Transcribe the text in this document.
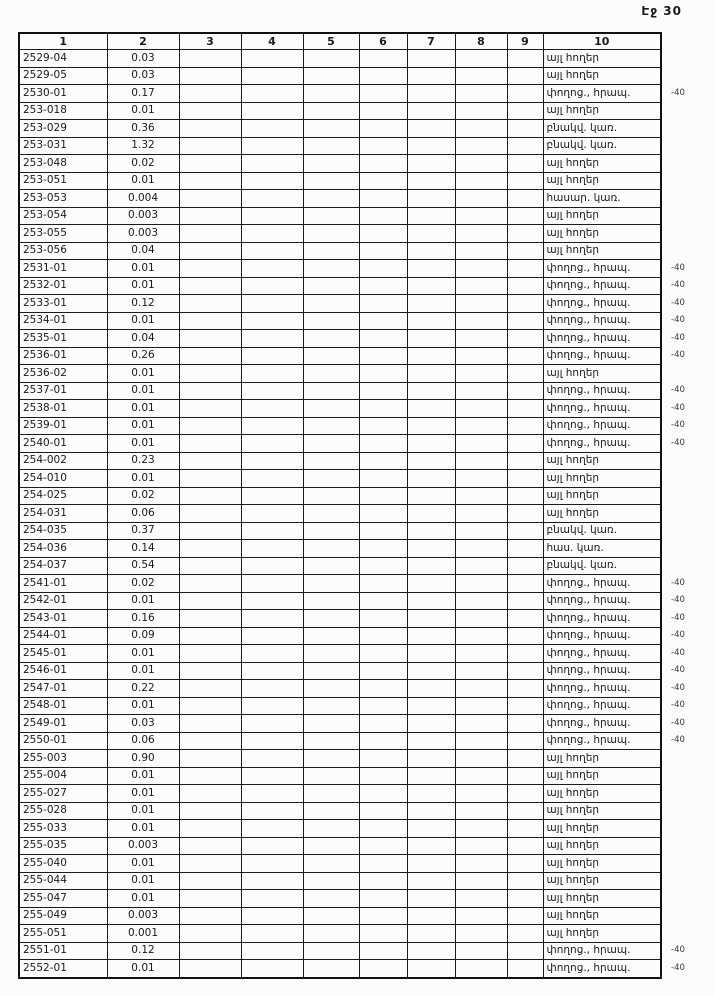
Էջ 30
1	2	3	4	5	6	7	8	9	10	
2529-04	0.03								այլ հողեր	
2529-05	0.03								այլ հողեր	
2530-01	0.17								փողոց., հրապ.	-40
253-018	0.01								այլ հողեր	
253-029	0.36								բնակվ. կառ.	
253-031	1.32								բնակվ. կառ.	
253-048	0.02								այլ հողեր	
253-051	0.01								այլ հողեր	
253-053	0.004								հասար. կառ.	
253-054	0.003								այլ հողեր	
253-055	0.003								այլ հողեր	
253-056	0.04								այլ հողեր	
2531-01	0.01								փողոց., հրապ.	-40
2532-01	0.01								փողոց., հրապ.	-40
2533-01	0.12								փողոց., հրապ.	-40
2534-01	0.01								փողոց., հրապ.	-40
2535-01	0.04								փողոց., հրապ.	-40
2536-01	0.26								փողոց., հրապ.	-40
2536-02	0.01								այլ հողեր	
2537-01	0.01								փողոց., հրապ.	-40
2538-01	0.01								փողոց., հրապ.	-40
2539-01	0.01								փողոց., հրապ.	-40
2540-01	0.01								փողոց., հրապ.	-40
254-002	0.23								այլ հողեր	
254-010	0.01								այլ հողեր	
254-025	0.02								այլ հողեր	
254-031	0.06								այլ հողեր	
254-035	0.37								բնակվ. կառ.	
254-036	0.14								հաս. կառ.	
254-037	0.54								բնակվ. կառ.	
2541-01	0.02								փողոց., հրապ.	-40
2542-01	0.01								փողոց., հրապ.	-40
2543-01	0.16								փողոց., հրապ.	-40
2544-01	0.09								փողոց., հրապ.	-40
2545-01	0.01								փողոց., հրապ.	-40
2546-01	0.01								փողոց., հրապ.	-40
2547-01	0.22								փողոց., հրապ.	-40
2548-01	0.01								փողոց., հրապ.	-40
2549-01	0.03								փողոց., հրապ.	-40
2550-01	0.06								փողոց., հրապ.	-40
255-003	0.90								այլ հողեր	
255-004	0.01								այլ հողեր	
255-027	0.01								այլ հողեր	
255-028	0.01								այլ հողեր	
255-033	0.01								այլ հողեր	
255-035	0.003								այլ հողեր	
255-040	0.01								այլ հողեր	
255-044	0.01								այլ հողեր	
255-047	0.01								այլ հողեր	
255-049	0.003								այլ հողեր	
255-051	0.001								այլ հողեր	
2551-01	0.12								փողոց., հրապ.	-40
2552-01	0.01								փողոց., հրապ.	-40
